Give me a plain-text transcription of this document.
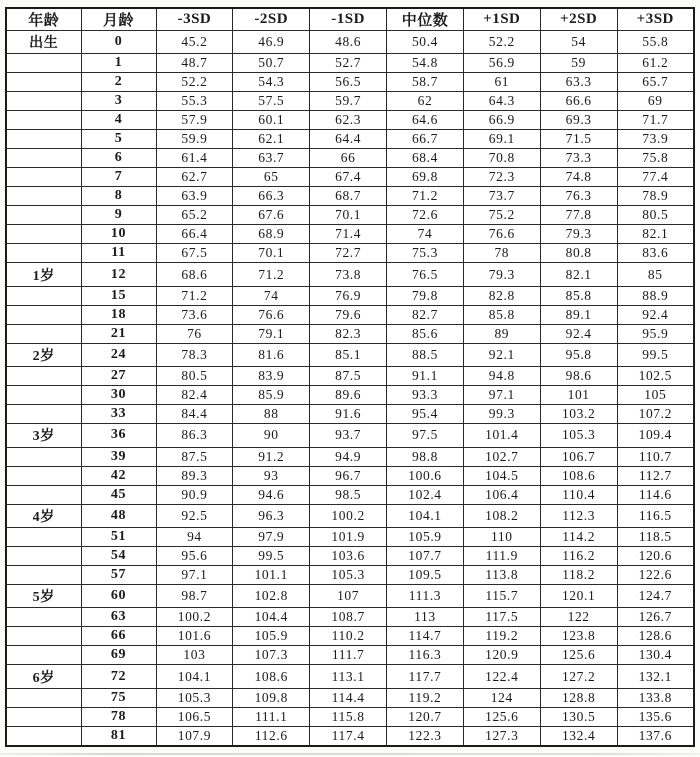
年龄	月龄	-3SD	-2SD	-1SD	中位数	+1SD	+2SD	+3SD
出生	0	45.2	46.9	48.6	50.4	52.2	54	55.8
	1	48.7	50.7	52.7	54.8	56.9	59	61.2
	2	52.2	54.3	56.5	58.7	61	63.3	65.7
	3	55.3	57.5	59.7	62	64.3	66.6	69
	4	57.9	60.1	62.3	64.6	66.9	69.3	71.7
	5	59.9	62.1	64.4	66.7	69.1	71.5	73.9
	6	61.4	63.7	66	68.4	70.8	73.3	75.8
	7	62.7	65	67.4	69.8	72.3	74.8	77.4
	8	63.9	66.3	68.7	71.2	73.7	76.3	78.9
	9	65.2	67.6	70.1	72.6	75.2	77.8	80.5
	10	66.4	68.9	71.4	74	76.6	79.3	82.1
	11	67.5	70.1	72.7	75.3	78	80.8	83.6
1岁	12	68.6	71.2	73.8	76.5	79.3	82.1	85
	15	71.2	74	76.9	79.8	82.8	85.8	88.9
	18	73.6	76.6	79.6	82.7	85.8	89.1	92.4
	21	76	79.1	82.3	85.6	89	92.4	95.9
2岁	24	78.3	81.6	85.1	88.5	92.1	95.8	99.5
	27	80.5	83.9	87.5	91.1	94.8	98.6	102.5
	30	82.4	85.9	89.6	93.3	97.1	101	105
	33	84.4	88	91.6	95.4	99.3	103.2	107.2
3岁	36	86.3	90	93.7	97.5	101.4	105.3	109.4
	39	87.5	91.2	94.9	98.8	102.7	106.7	110.7
	42	89.3	93	96.7	100.6	104.5	108.6	112.7
	45	90.9	94.6	98.5	102.4	106.4	110.4	114.6
4岁	48	92.5	96.3	100.2	104.1	108.2	112.3	116.5
	51	94	97.9	101.9	105.9	110	114.2	118.5
	54	95.6	99.5	103.6	107.7	111.9	116.2	120.6
	57	97.1	101.1	105.3	109.5	113.8	118.2	122.6
5岁	60	98.7	102.8	107	111.3	115.7	120.1	124.7
	63	100.2	104.4	108.7	113	117.5	122	126.7
	66	101.6	105.9	110.2	114.7	119.2	123.8	128.6
	69	103	107.3	111.7	116.3	120.9	125.6	130.4
6岁	72	104.1	108.6	113.1	117.7	122.4	127.2	132.1
	75	105.3	109.8	114.4	119.2	124	128.8	133.8
	78	106.5	111.1	115.8	120.7	125.6	130.5	135.6
	81	107.9	112.6	117.4	122.3	127.3	132.4	137.6
